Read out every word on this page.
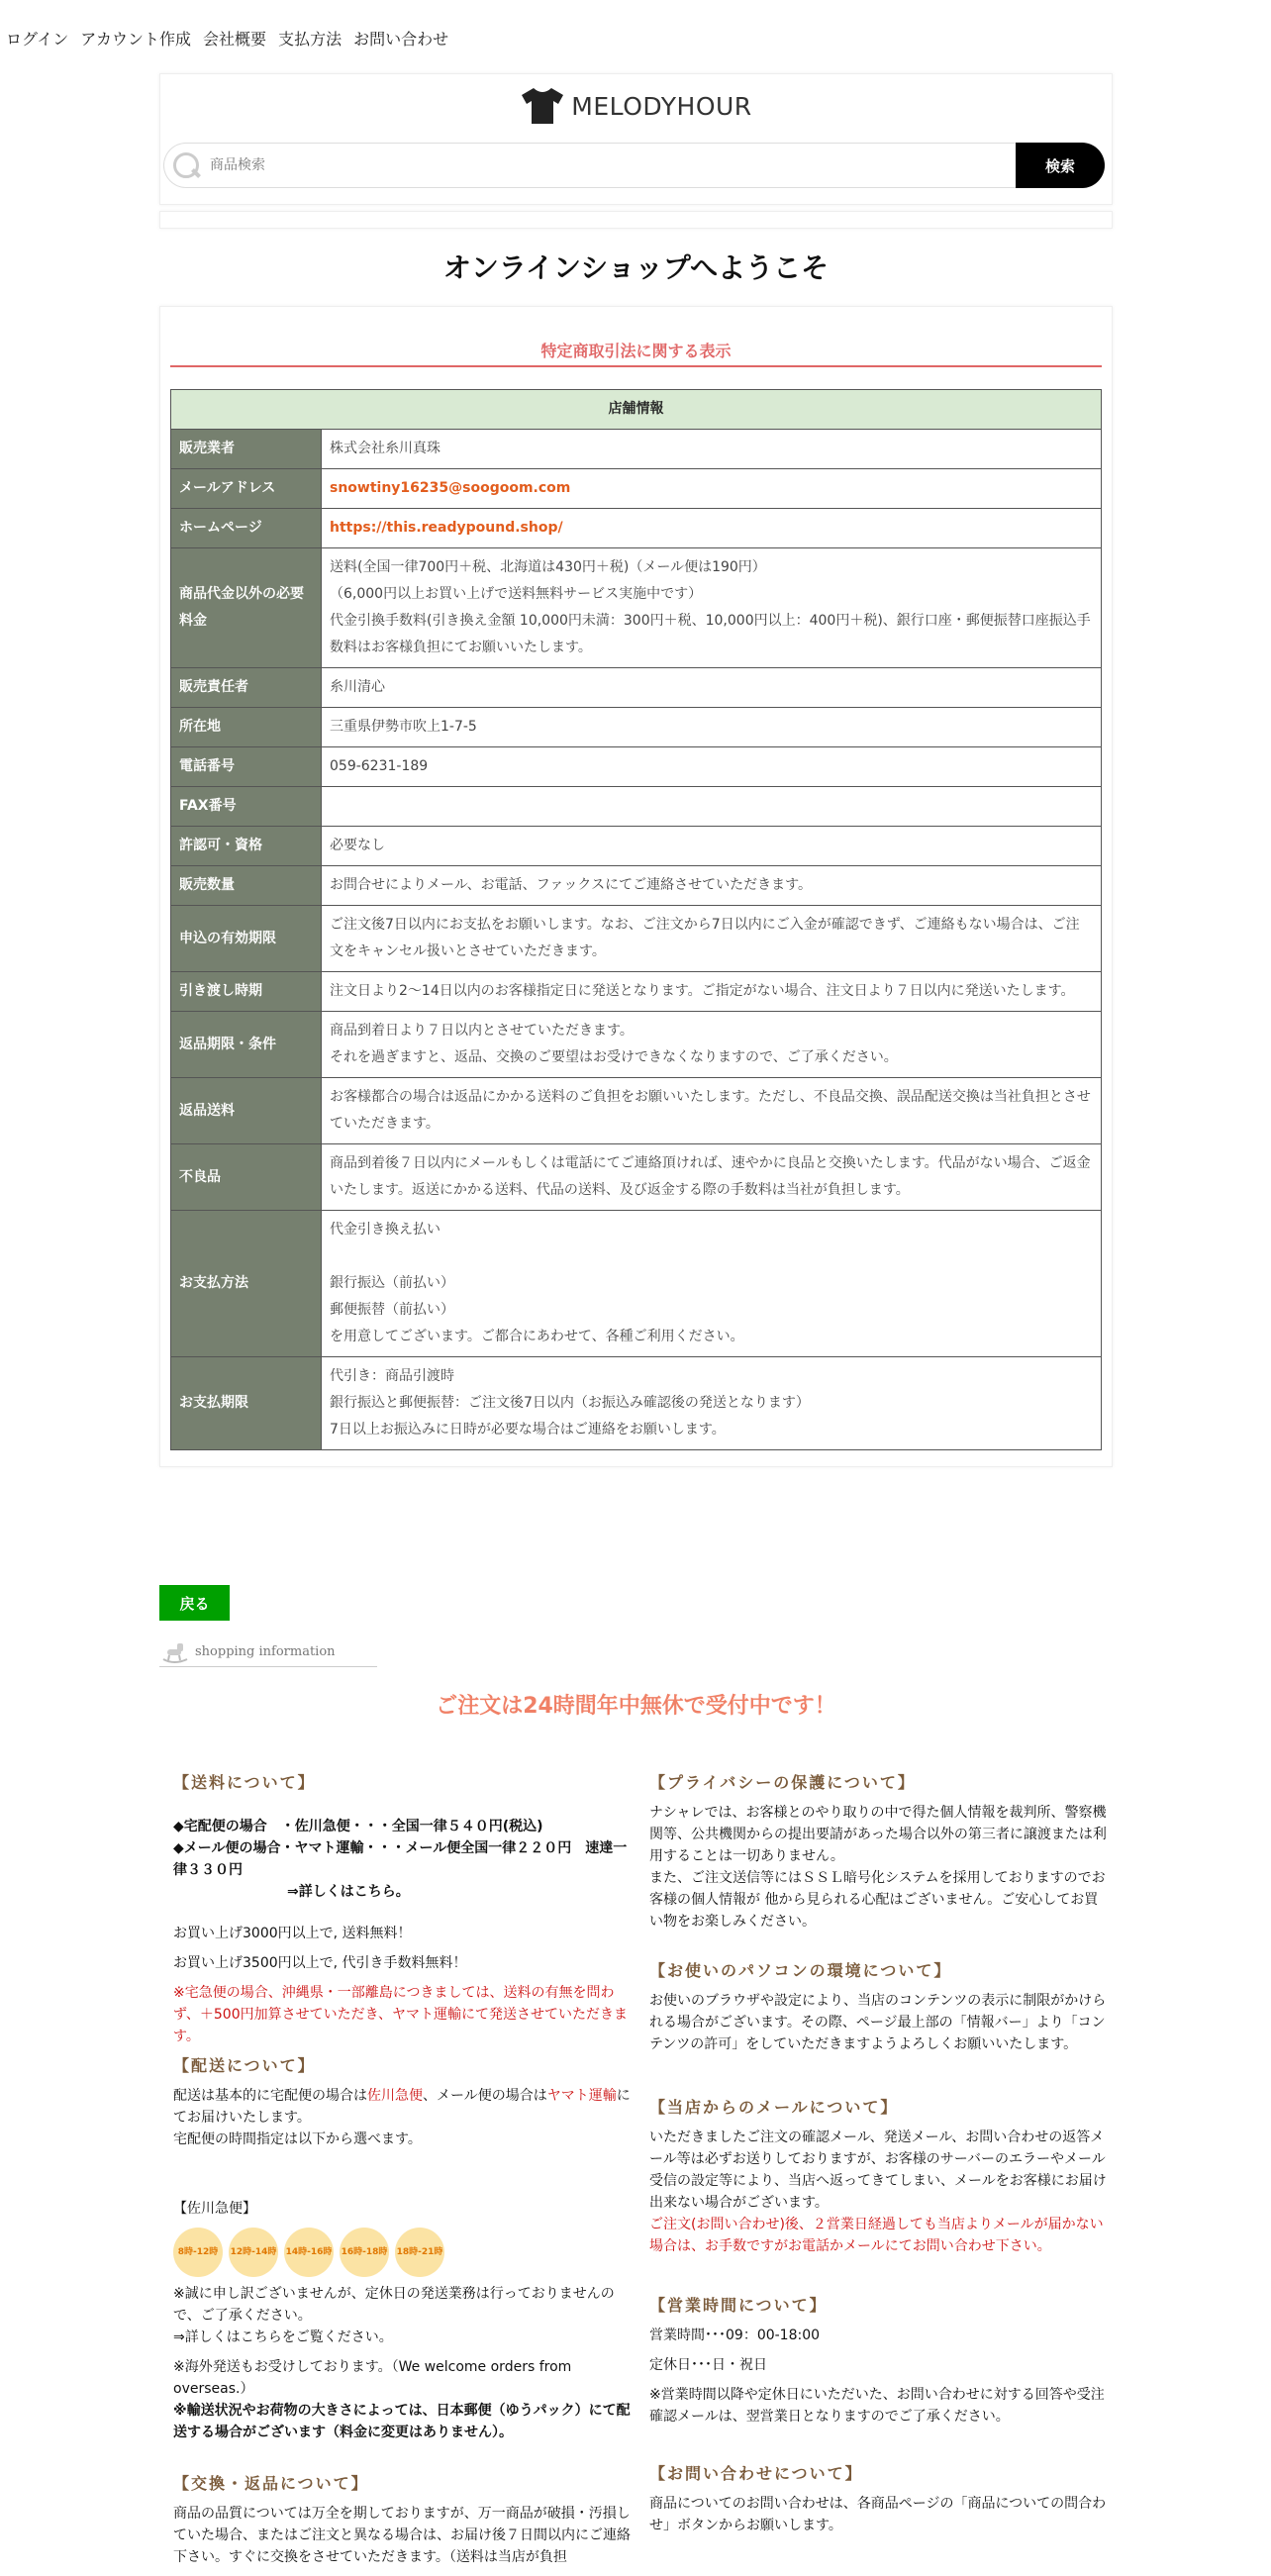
ログイン アカウント作成 会社概要 支払方法 お問い合わせ
MELODYHOUR
商品検索
検索
オンラインショップへようこそ
特定商取引法に関する表示
店舗情報	
販売業者	株式会社糸川真珠

メールアドレス	snowtiny16235@soogoom.com

ホームページ	https://this.readypound.shop/

商品代金以外の必要料金	送料(全国一律700円＋税、北海道は430円＋税)（メール便は190円）
（6,000円以上お買い上げで送料無料サービス実施中です）
代金引換手数料(引き換え金額 10,000円未満：300円＋税、10,000円以上：400円＋税)、銀行口座・郵便振替口座振込手数料はお客様負担にてお願いいたします。

販売責任者	糸川清心

所在地	三重県伊勢市吹上1-7-5

電話番号	059-6231-189

FAX番号	

許認可・資格	必要なし

販売数量	お問合せによりメール、お電話、ファックスにてご連絡させていただきます。

申込の有効期限	ご注文後7日以内にお支払をお願いします。なお、ご注文から7日以内にご入金が確認できず、ご連絡もない場合は、ご注文をキャンセル扱いとさせていただきます。

引き渡し時期	注文日より2〜14日以内のお客様指定日に発送となります。ご指定がない場合、注文日より７日以内に発送いたします。

返品期限・条件	商品到着日より７日以内とさせていただきます。
それを過ぎますと、返品、交換のご要望はお受けできなくなりますので、ご了承ください。

返品送料	お客様都合の場合は返品にかかる送料のご負担をお願いいたします。ただし、不良品交換、誤品配送交換は当社負担とさせていただきます。

不良品	商品到着後７日以内にメールもしくは電話にてご連絡頂ければ、速やかに良品と交換いたします。代品がない場合、ご返金いたします。返送にかかる送料、代品の送料、及び返金する際の手数料は当社が負担します。

お支払方法	代金引き換え払い
銀行振込（前払い）
郵便振替（前払い）
を用意してございます。ご都合にあわせて、各種ご利用ください。

お支払期限	代引き：商品引渡時
銀行振込と郵便振替：ご注文後7日以内（お振込み確認後の発送となります）
7日以上お振込みに日時が必要な場合はご連絡をお願いします。
戻る
shopping information
ご注文は24時間年中無休で受付中です！
【送料について】

◆宅配便の場合　・佐川急便・・・全国一律５４０円(税込)
◆メール便の場合・ヤマト運輸・・・メール便全国一律２２０円　速達一律３３０円
⇒詳しくはこちら。

お買い上げ3000円以上で, 送料無料！

お買い上げ3500円以上で, 代引き手数料無料！

※宅急便の場合、沖縄県・一部離島につきましては、送料の有無を問わず、＋500円加算させていただき、ヤマト運輸にて発送させていただきます。

【配送について】

配送は基本的に宅配便の場合は佐川急便、メール便の場合はヤマト運輸にてお届けいたします。
宅配便の時間指定は以下から選べます。

【佐川急便】

8時-12時	12時-14時 14時-16時 16時-18時 18時-21時

※誠に申し訳ございませんが、定休日の発送業務は行っておりませんので、ご了承ください。
⇒詳しくはこちらをご覧ください。

※海外発送もお受けしております。（We welcome orders from overseas.）

※輸送状況やお荷物の大きさによっては、日本郵便（ゆうパック）にて配送する場合がございます（料金に変更はありません）。

【交換・返品について】

商品の品質については万全を期しておりますが、万一商品が破損・汚損していた場合、またはご注文と異なる場合は、お届け後７日間以内にご連絡下さい。すぐに交換をさせていただきます。（送料は当店が負担

【プライバシーの保護について】

ナシャレでは、お客様とのやり取りの中で得た個人情報を裁判所、警察機関等、公共機関からの提出要請があった場合以外の第三者に譲渡または利用することは一切ありません。

また、ご注文送信等にはＳＳＬ暗号化システムを採用しておりますのでお客様の個人情報が 他から見られる心配はございません。ご安心してお買い物をお楽しみください。

【お使いのパソコンの環境について】

お使いのブラウザや設定により、当店のコンテンツの表示に制限がかけられる場合がございます。その際、ページ最上部の「情報バー」より「コンテンツの許可」をしていただきますようよろしくお願いいたします。

【当店からのメールについて】

いただきましたご注文の確認メール、発送メール、お問い合わせの返答メール等は必ずお送りしておりますが、お客様のサーバーのエラーやメール受信の設定等により、当店へ返ってきてしまい、メールをお客様にお届け出来ない場合がございます。

ご注文(お問い合わせ)後、２営業日経過しても当店よりメールが届かない場合は、お手数ですがお電話かメールにてお問い合わせ下さい。

【営業時間について】

営業時間･･･09：00-18:00

定休日･･･日・祝日

※営業時間以降や定休日にいただいた、お問い合わせに対する回答や受注確認メールは、翌営業日となりますのでご了承ください。

【お問い合わせについて】

商品についてのお問い合わせは、各商品ページの「商品についての問合わせ」ボタンからお願いします。
